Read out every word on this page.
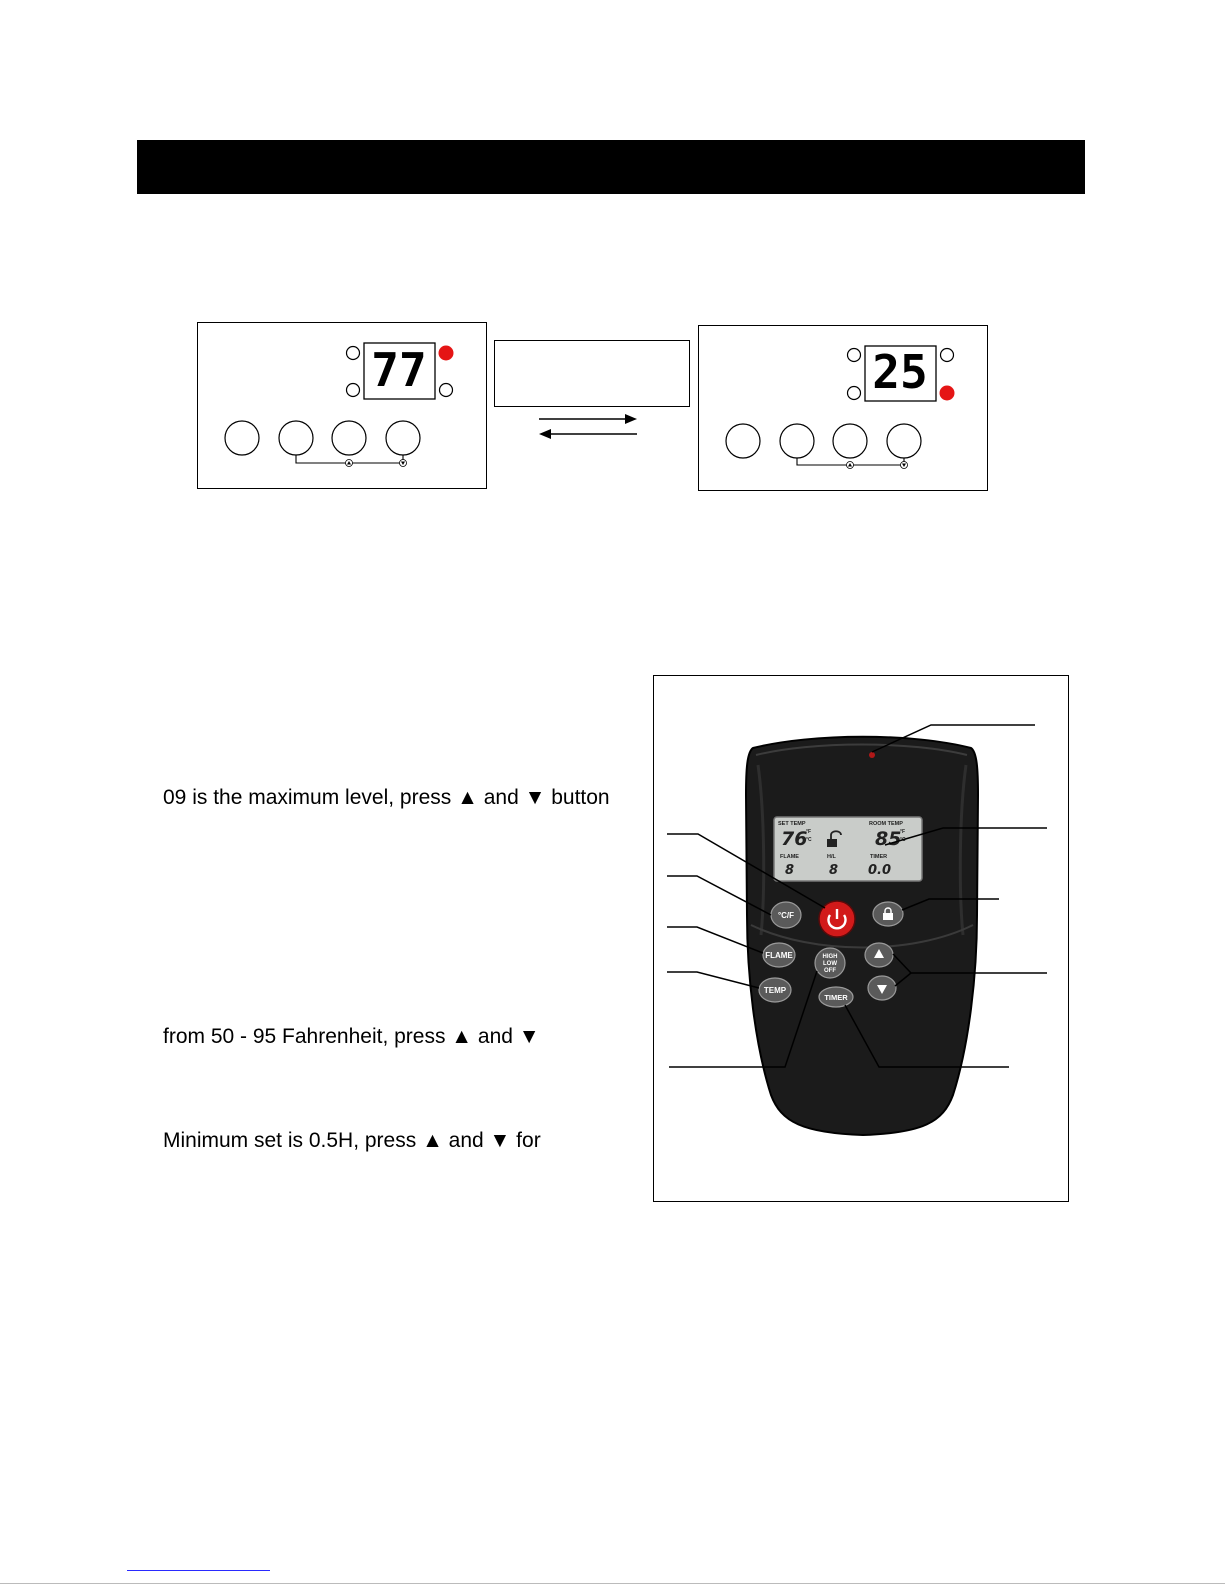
77	25
09 is the maximum level, press ▲ and ▼ button
from 50 - 95 Fahrenheit, press ▲ and ▼
Minimum set is 0.5H, press ▲ and ▼ for
SET TEMP	ROOM TEMP
76
°F
°C	85
°F
°C
FLAME	H/L	TIMER
8	8 0.0
°C/F
FLAME	HIGH
LOW
OFF
TEMP
TIMER
